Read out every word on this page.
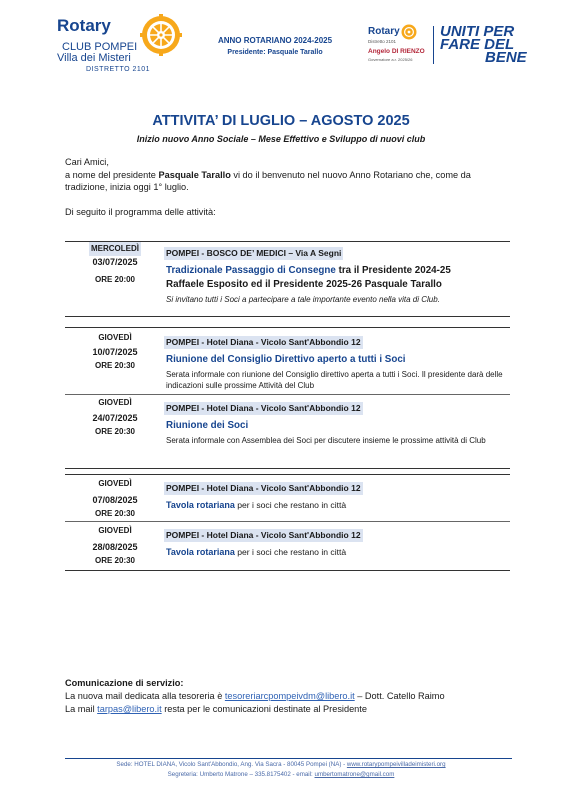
Rotary
CLUB POMPEI
Villa dei Misteri
DISTRETTO 2101
ANNO ROTARIANO 2024-2025
Presidente: Pasquale Tarallo
Rotary
Distretto 2101
Angelo DI RIENZO
Governatore a.r. 2025/26
UNITI PER
FARE DEL
BENE
ATTIVITA’ DI LUGLIO – AGOSTO 2025
Inizio nuovo Anno Sociale – Mese Effettivo e Sviluppo di nuovi club
Cari Amici,
a nome del presidente Pasquale Tarallo vi do il benvenuto nel nuovo Anno Rotariano che, come da tradizione, inizia oggi 1° luglio.
Di seguito il programma delle attività:
MERCOLEDÌ
03/07/2025
ORE 20:00
POMPEI - BOSCO DE’ MEDICI – Via A Segni
Tradizionale Passaggio di Consegne tra il Presidente 2024-25
Raffaele Esposito ed il Presidente 2025-26 Pasquale Tarallo
Si invitano tutti i Soci a partecipare a tale importante evento nella vita di Club.
GIOVEDÌ
10/07/2025
ORE 20:30
POMPEI - Hotel Diana - Vicolo Sant'Abbondio 12
Riunione del Consiglio Direttivo aperto a tutti i Soci
Serata informale con riunione del Consiglio direttivo aperta a tutti i Soci. Il presidente darà delle indicazioni sulle prossime Attività del Club
GIOVEDÌ
24/07/2025
ORE 20:30
POMPEI - Hotel Diana - Vicolo Sant'Abbondio 12
Riunione dei Soci
Serata informale con Assemblea dei Soci per discutere insieme le prossime attività di Club
GIOVEDÌ
07/08/2025
ORE 20:30
POMPEI - Hotel Diana - Vicolo Sant'Abbondio 12
Tavola rotariana per i soci che restano in città
GIOVEDÌ
28/08/2025
ORE 20:30
POMPEI - Hotel Diana - Vicolo Sant'Abbondio 12
Tavola rotariana per i soci che restano in città
Comunicazione di servizio:
La nuova mail dedicata alla tesoreria è tesoreriarcpompeivdm@libero.it – Dott. Catello Raimo
La mail tarpas@libero.it resta per le comunicazioni destinate al Presidente
Sede: HOTEL DIANA, Vicolo Sant'Abbondio, Ang. Via Sacra - 80045 Pompei (NA) - www.rotarypompeivilladeimisteri.org
Segreteria: Umberto Matrone – 335.8175402 - email: umbertomatrone@gmail.com
